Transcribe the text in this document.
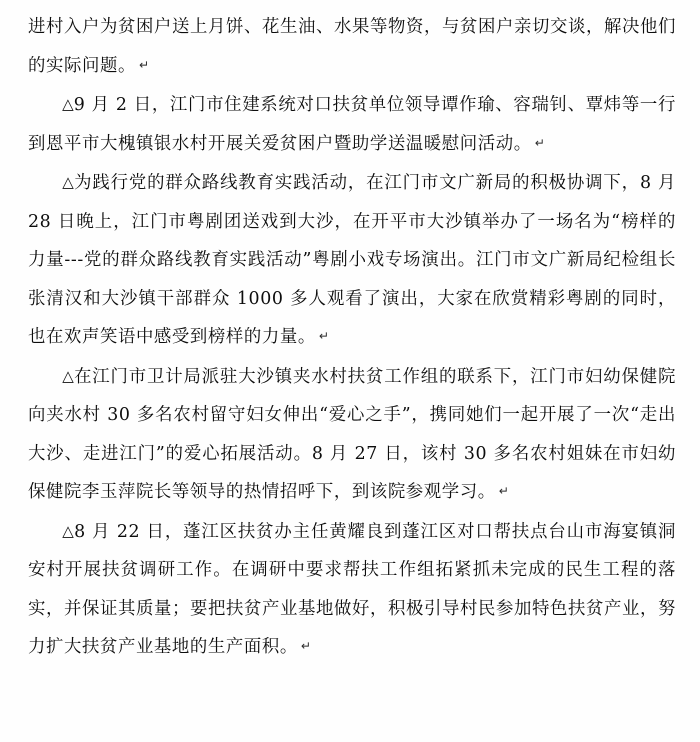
进村入户为贫困户送上月饼、花生油、水果等物资，与贫困户亲切交谈，解决他们的实际问题。 ↵

△9 月 2 日，江门市住建系统对口扶贫单位领导谭作瑜、容瑞钊、覃炜等一行到恩平市大槐镇银水村开展关爱贫困户暨助学送温暖慰问活动。 ↵

△为践行党的群众路线教育实践活动，在江门市文广新局的积极协调下，8 月 28 日晚上，江门市粤剧团送戏到大沙，在开平市大沙镇举办了一场名为“榜样的力量---党的群众路线教育实践活动”粤剧小戏专场演出。江门市文广新局纪检组长张清汉和大沙镇干部群众 1000 多人观看了演出，大家在欣赏精彩粤剧的同时，也在欢声笑语中感受到榜样的力量。 ↵

△在江门市卫计局派驻大沙镇夹水村扶贫工作组的联系下，江门市妇幼保健院向夹水村 30 多名农村留守妇女伸出“爱心之手”，携同她们一起开展了一次“走出大沙、走进江门”的爱心拓展活动。8 月 27 日，该村 30 多名农村姐妹在市妇幼保健院李玉萍院长等领导的热情招呼下，到该院参观学习。 ↵

△8 月 22 日，蓬江区扶贫办主任黄耀良到蓬江区对口帮扶点台山市海宴镇洞安村开展扶贫调研工作。在调研中要求帮扶工作组拓紧抓未完成的民生工程的落实，并保证其质量；要把扶贫产业基地做好，积极引导村民参加特色扶贫产业，努力扩大扶贫产业基地的生产面积。 ↵
